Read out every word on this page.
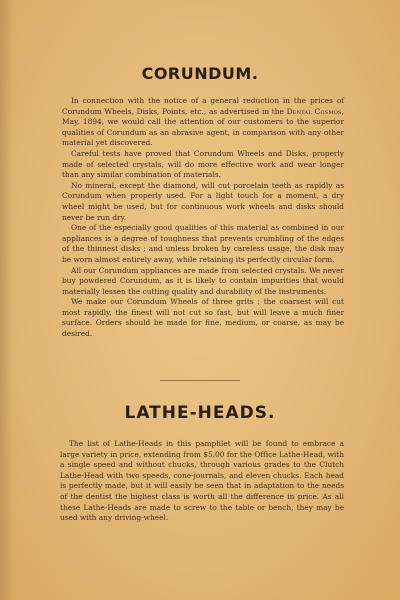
CORUNDUM.

In connection with the notice of a general reduction in the prices of Corundum Wheels, Disks, Points, etc., as advertised in the Dental Cosmos, May, 1894, we would call the attention of our customers to the superior qualities of Corundum as an abrasive agent, in comparison with any other material yet discovered.

Careful tests have proved that Corundum Wheels and Disks, properly made of selected crystals, will do more effective work and wear longer than any similar combination of materials.

No mineral, except the diamond, will cut porcelain teeth as rapidly as Corundum when properly used. For a light touch for a moment, a dry wheel might be used, but for continuous work wheels and disks should never be run dry.

One of the especially good qualities of this material as combined in our appliances is a degree of toughness that prevents crumbling of the edges of the thinnest disks ; and unless broken by careless usage, the disk may be worn almost entirely away, while retaining its perfectly circular form.

All our Corundum appliances are made from selected crystals. We never buy powdered Corundum, as it is likely to contain impurities that would materially lessen the cutting quality and durability of the instruments.

We make our Corundum Wheels of three grits ; the coarsest will cut most rapidly, the finest will not cut so fast, but will leave a much finer surface. Orders should be made for fine, medium, or coarse, as may be desired.

LATHE-HEADS.

The list of Lathe-Heads in this pamphlet will be found to embrace a large variety in price, extending from $5.00 for the Office Lathe-Head, with a single speed and without chucks, through various grades to the Clutch Lathe-Head with two speeds, cone-journals, and eleven chucks. Each head is perfectly made, but it will easily be seen that in adaptation to the needs of the dentist the highest class is worth all the difference in price. As all these Lathe-Heads are made to screw to the table or bench, they may be used with any driving-wheel.
